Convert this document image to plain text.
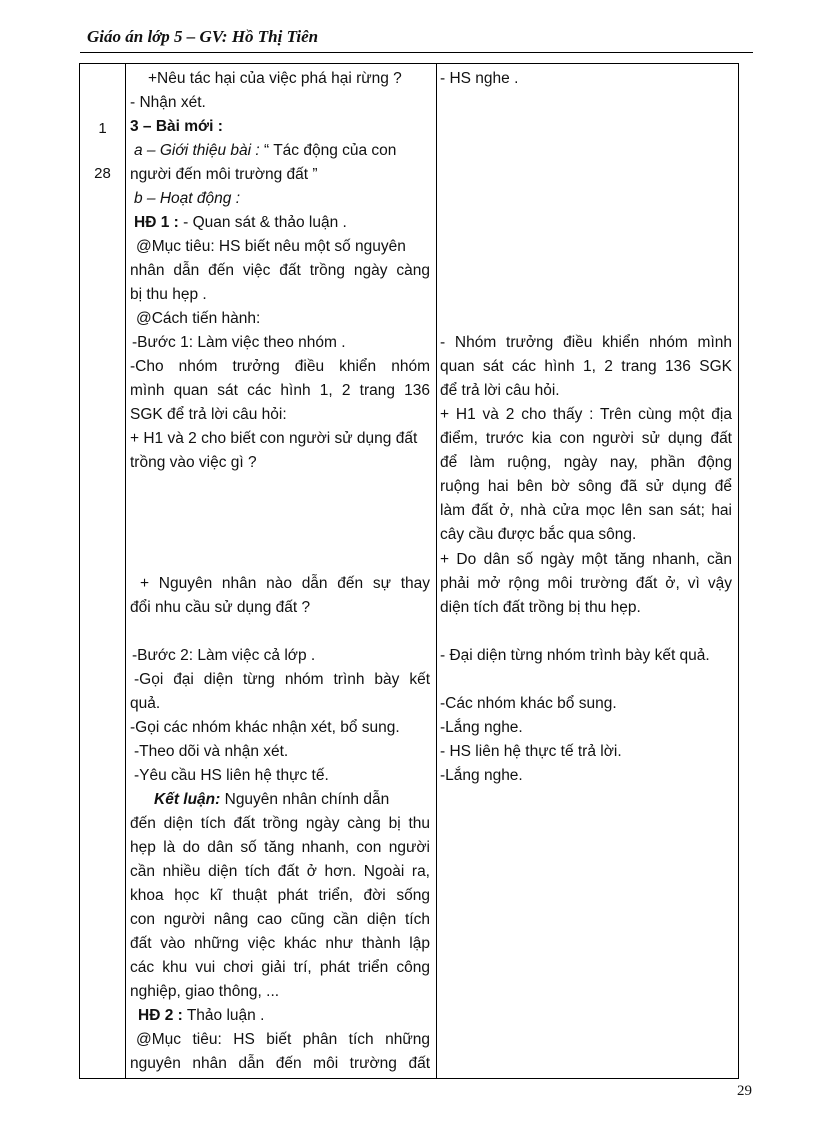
Giáo án lớp 5 – GV: Hồ Thị Tiên
1
28
+Nêu tác hại của việc phá hại rừng ?
- Nhận xét.
3 – Bài mới :
a – Giới thiệu bài : “ Tác động của con
người đến môi trường đất ”
b – Hoạt động :
HĐ 1 : - Quan sát & thảo luận .
@Mục tiêu: HS biết nêu một số nguyên
nhân dẫn đến việc đất trồng ngày càng
bị thu hẹp .
@Cách tiến hành:
-Bước 1: Làm việc theo nhóm .
-Cho nhóm trưởng điều khiển nhóm
mình quan sát các hình 1, 2 trang 136
SGK để trả lời câu hỏi:
+ H1 và 2 cho biết con người sử dụng đất
trồng vào việc gì ?
+ Nguyên nhân nào dẫn đến sự thay
đổi nhu cầu sử dụng đất ?
-Bước 2: Làm việc cả lớp .
-Gọi đại diện từng nhóm trình bày kết
quả.
-Gọi các nhóm khác nhận xét, bổ sung.
-Theo dõi và nhận xét.
-Yêu cầu HS liên hệ thực tế.
Kết luận: Nguyên nhân chính dẫn
đến diện tích đất trồng ngày càng bị thu
hẹp là do dân số tăng nhanh, con người
cần nhiều diện tích đất ở hơn. Ngoài ra,
khoa học kĩ thuật phát triển, đời sống
con người nâng cao cũng cần diện tích
đất vào những việc khác như thành lập
các khu vui chơi giải trí, phát triển công
nghiệp, giao thông, ...
HĐ 2 : Thảo luận .
@Mục tiêu: HS biết phân tích những
nguyên nhân dẫn đến môi trường đất
- HS nghe .
- Nhóm trưởng điều khiển nhóm mình
quan sát các hình 1, 2 trang 136 SGK
để trả lời câu hỏi.
+ H1 và 2 cho thấy : Trên cùng một địa
điểm, trước kia con người sử dụng đất
để làm ruộng, ngày nay, phần động
ruộng hai bên bờ sông đã sử dụng để
làm đất ở, nhà cửa mọc lên san sát; hai
cây cầu được bắc qua sông.
+ Do dân số ngày một tăng nhanh, cần
phải mở rộng môi trường đất ở, vì vậy
diện tích đất trồng bị thu hẹp.
- Đại diện từng nhóm trình bày kết quả.
-Các nhóm khác bổ sung.
-Lắng nghe.
- HS liên hệ thực tế trả lời.
-Lắng nghe.
29
